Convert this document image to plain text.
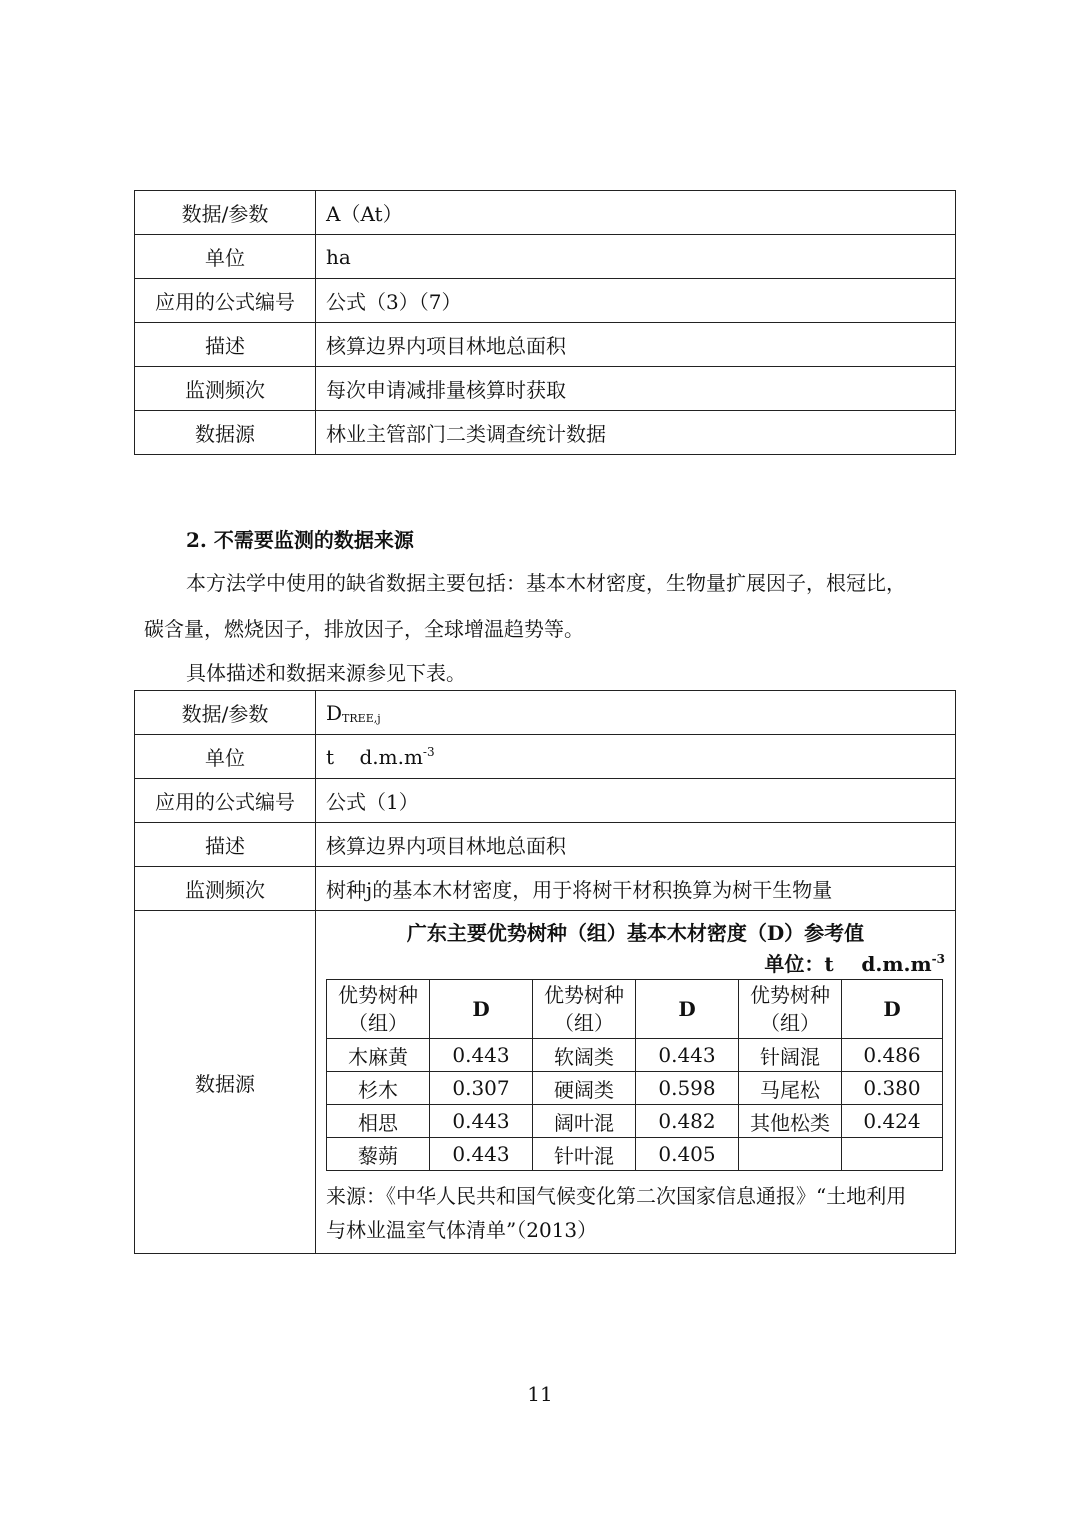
数据/参数	A（At）
单位	ha
应用的公式编号	公式（3）（7）
描述	核算边界内项目林地总面积
监测频次	每次申请减排量核算时获取
数据源	林业主管部门二类调查统计数据
2. 不需要监测的数据来源
本方法学中使用的缺省数据主要包括：基本木材密度，生物量扩展因子，根冠比，
碳含量，燃烧因子，排放因子，全球增温趋势等。
具体描述和数据来源参见下表。
数据/参数	$D_{TREE,j}$
单位	t    $d.m.m^{-3}$
应用的公式编号	公式（1）
描述	核算边界内项目林地总面积
监测频次	树种j的基本木材密度，用于将树干材积换算为树干生物量
数据源	
广东主要优势树种（组）基本木材密度（D）参考值
单位：t    $d.m.m^{-3}$
优势树种（组）	D	优势树种（组）	D	优势树种（组）	D
木麻黄	0.443	软阔类	0.443	针阔混	0.486
杉木	0.307	硬阔类	0.598	马尾松	0.380
相思	0.443	阔叶混	0.482	其他松类	0.424
藜蒴	0.443	针叶混	0.405		
来源：《中华人民共和国气候变化第二次国家信息通报》“土地利用
与林业温室气体清单”（2013）
11
